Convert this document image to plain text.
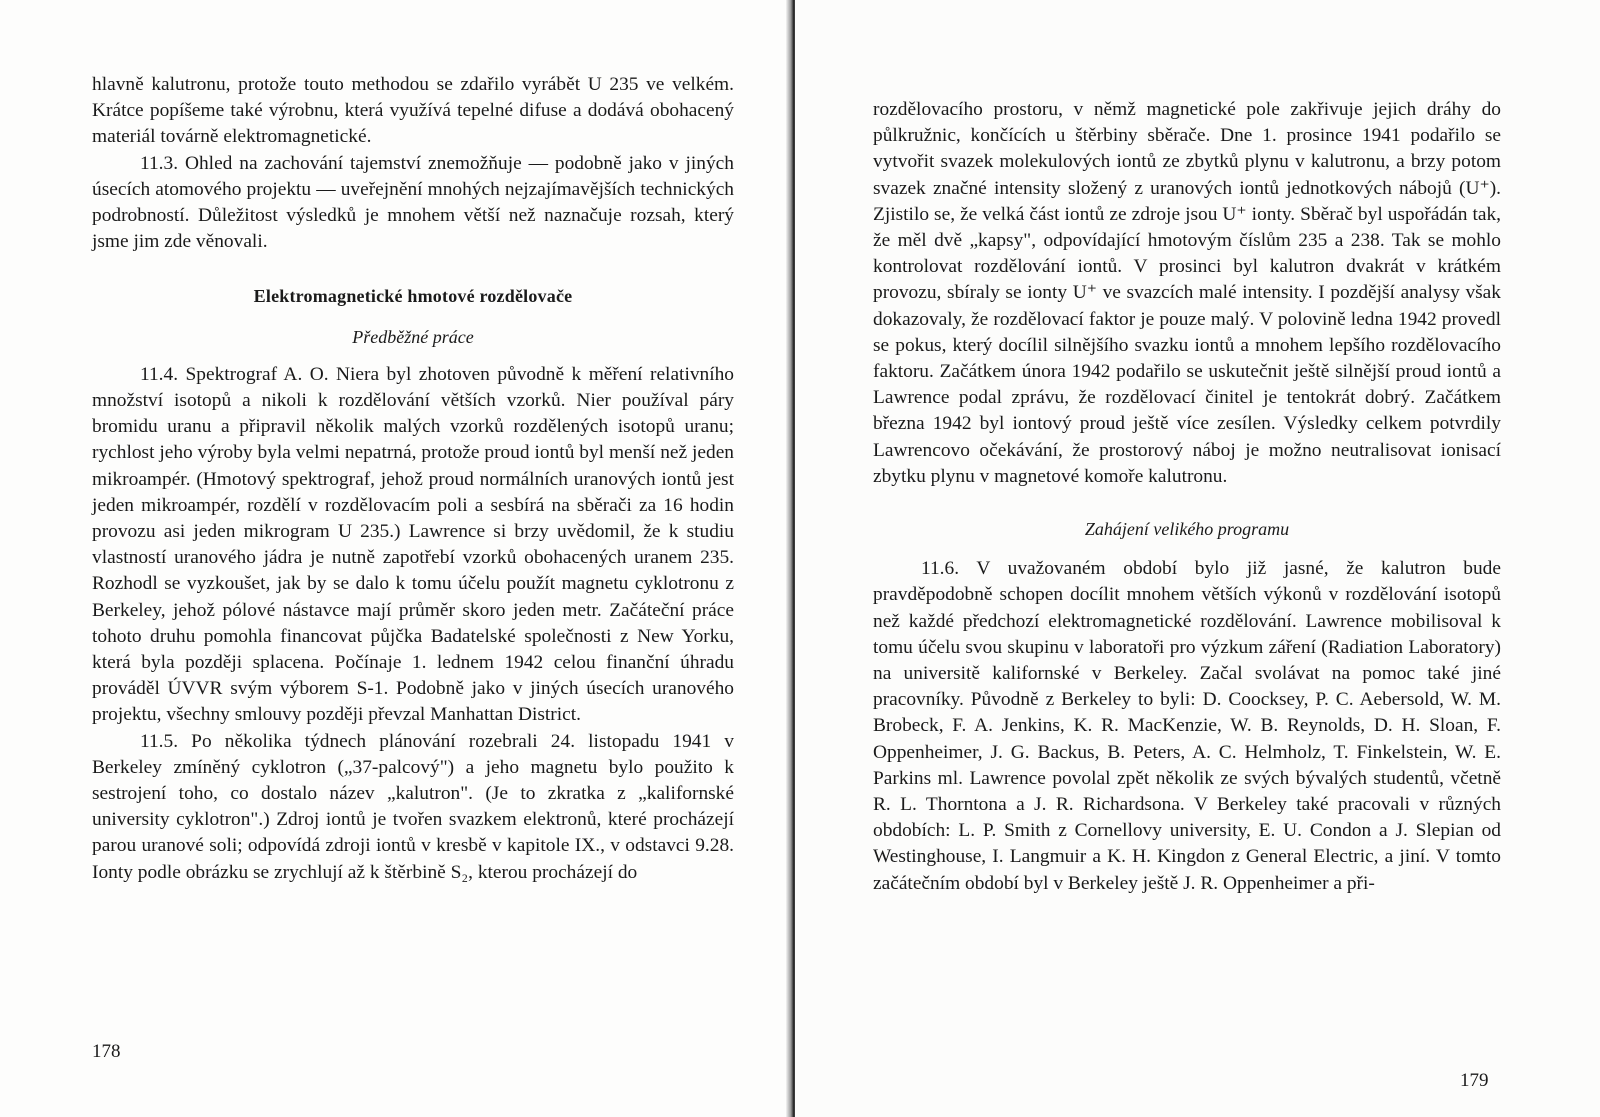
hlavně kalutronu, protože touto methodou se zdařilo vyrábět U 235 ve velkém. Krátce popíšeme také výrobnu, která využívá tepelné difuse a dodává obohacený materiál továrně elektromagnetické.

11.3. Ohled na zachování tajemství znemožňuje — podobně jako v jiných úsecích atomového projektu — uveřejnění mnohých nejzajímavějších technických podrobností. Důležitost výsledků je mnohem větší než naznačuje rozsah, který jsme jim zde věnovali.

Elektromagnetické hmotové rozdělovače
Předběžné práce

11.4. Spektrograf A. O. Niera byl zhotoven původně k měření relativního množství isotopů a nikoli k rozdělování větších vzorků. Nier používal páry bromidu uranu a připravil několik malých vzorků rozdělených isotopů uranu; rychlost jeho výroby byla velmi nepatrná, protože proud iontů byl menší než jeden mikroampér. (Hmotový spektrograf, jehož proud normálních uranových iontů jest jeden mikroampér, rozdělí v rozdělovacím poli a sesbírá na sběrači za 16 hodin provozu asi jeden mikrogram U 235.) Lawrence si brzy uvědomil, že k studiu vlastností uranového jádra je nutně zapotřebí vzorků obohacených uranem 235. Rozhodl se vyzkoušet, jak by se dalo k tomu účelu použít magnetu cyklotronu z Berkeley, jehož pólové nástavce mají průměr skoro jeden metr. Začáteční práce tohoto druhu pomohla financovat půjčka Badatelské společnosti z New Yorku, která byla později splacena. Počínaje 1. lednem 1942 celou finanční úhradu prováděl ÚVVR svým výborem S-1. Podobně jako v jiných úsecích uranového projektu, všechny smlouvy později převzal Manhattan District.

11.5. Po několika týdnech plánování rozebrali 24. listopadu 1941 v Berkeley zmíněný cyklotron („37-palcový") a jeho magnetu bylo použito k sestrojení toho, co dostalo název „kalutron". (Je to zkratka z „kalifornské university cyklotron".) Zdroj iontů je tvořen svazkem elektronů, které procházejí parou uranové soli; odpovídá zdroji iontů v kresbě v kapitole IX., v odstavci 9.28. Ionty podle obrázku se zrychlují až k štěrbině S₂, kterou procházejí do

178

rozdělovacího prostoru, v němž magnetické pole zakřivuje jejich dráhy do půlkružnic, končících u štěrbiny sběrače. Dne 1. prosince 1941 podařilo se vytvořit svazek molekulových iontů ze zbytků plynu v kalutronu, a brzy potom svazek značné intensity složený z uranových iontů jednotkových nábojů (U⁺). Zjistilo se, že velká část iontů ze zdroje jsou U⁺ ionty. Sběrač byl uspořádán tak, že měl dvě „kapsy", odpovídající hmotovým číslům 235 a 238. Tak se mohlo kontrolovat rozdělování iontů. V prosinci byl kalutron dvakrát v krátkém provozu, sbíraly se ionty U⁺ ve svazcích malé intensity. I pozdější analysy však dokazovaly, že rozdělovací faktor je pouze malý. V polovině ledna 1942 provedl se pokus, který docílil silnějšího svazku iontů a mnohem lepšího rozdělovacího faktoru. Začátkem února 1942 podařilo se uskutečnit ještě silnější proud iontů a Lawrence podal zprávu, že rozdělovací činitel je tentokrát dobrý. Začátkem března 1942 byl iontový proud ještě více zesílen. Výsledky celkem potvrdily Lawrencovo očekávání, že prostorový náboj je možno neutralisovat ionisací zbytku plynu v magnetové komoře kalutronu.

Zahájení velikého programu

11.6. V uvažovaném období bylo již jasné, že kalutron bude pravděpodobně schopen docílit mnohem větších výkonů v rozdělování isotopů než každé předchozí elektromagnetické rozdělování. Lawrence mobilisoval k tomu účelu svou skupinu v laboratoři pro výzkum záření (Radiation Laboratory) na universitě kalifornské v Berkeley. Začal svolávat na pomoc také jiné pracovníky. Původně z Berkeley to byli: D. Coocksey, P. C. Aebersold, W. M. Brobeck, F. A. Jenkins, K. R. MacKenzie, W. B. Reynolds, D. H. Sloan, F. Oppenheimer, J. G. Backus, B. Peters, A. C. Helmholz, T. Finkelstein, W. E. Parkins ml. Lawrence povolal zpět několik ze svých bývalých studentů, včetně R. L. Thorntona a J. R. Richardsona. V Berkeley také pracovali v různých obdobích: L. P. Smith z Cornellovy university, E. U. Condon a J. Slepian od Westinghouse, I. Langmuir a K. H. Kingdon z General Electric, a jiní. V tomto začátečním období byl v Berkeley ještě J. R. Oppenheimer a při-

179
